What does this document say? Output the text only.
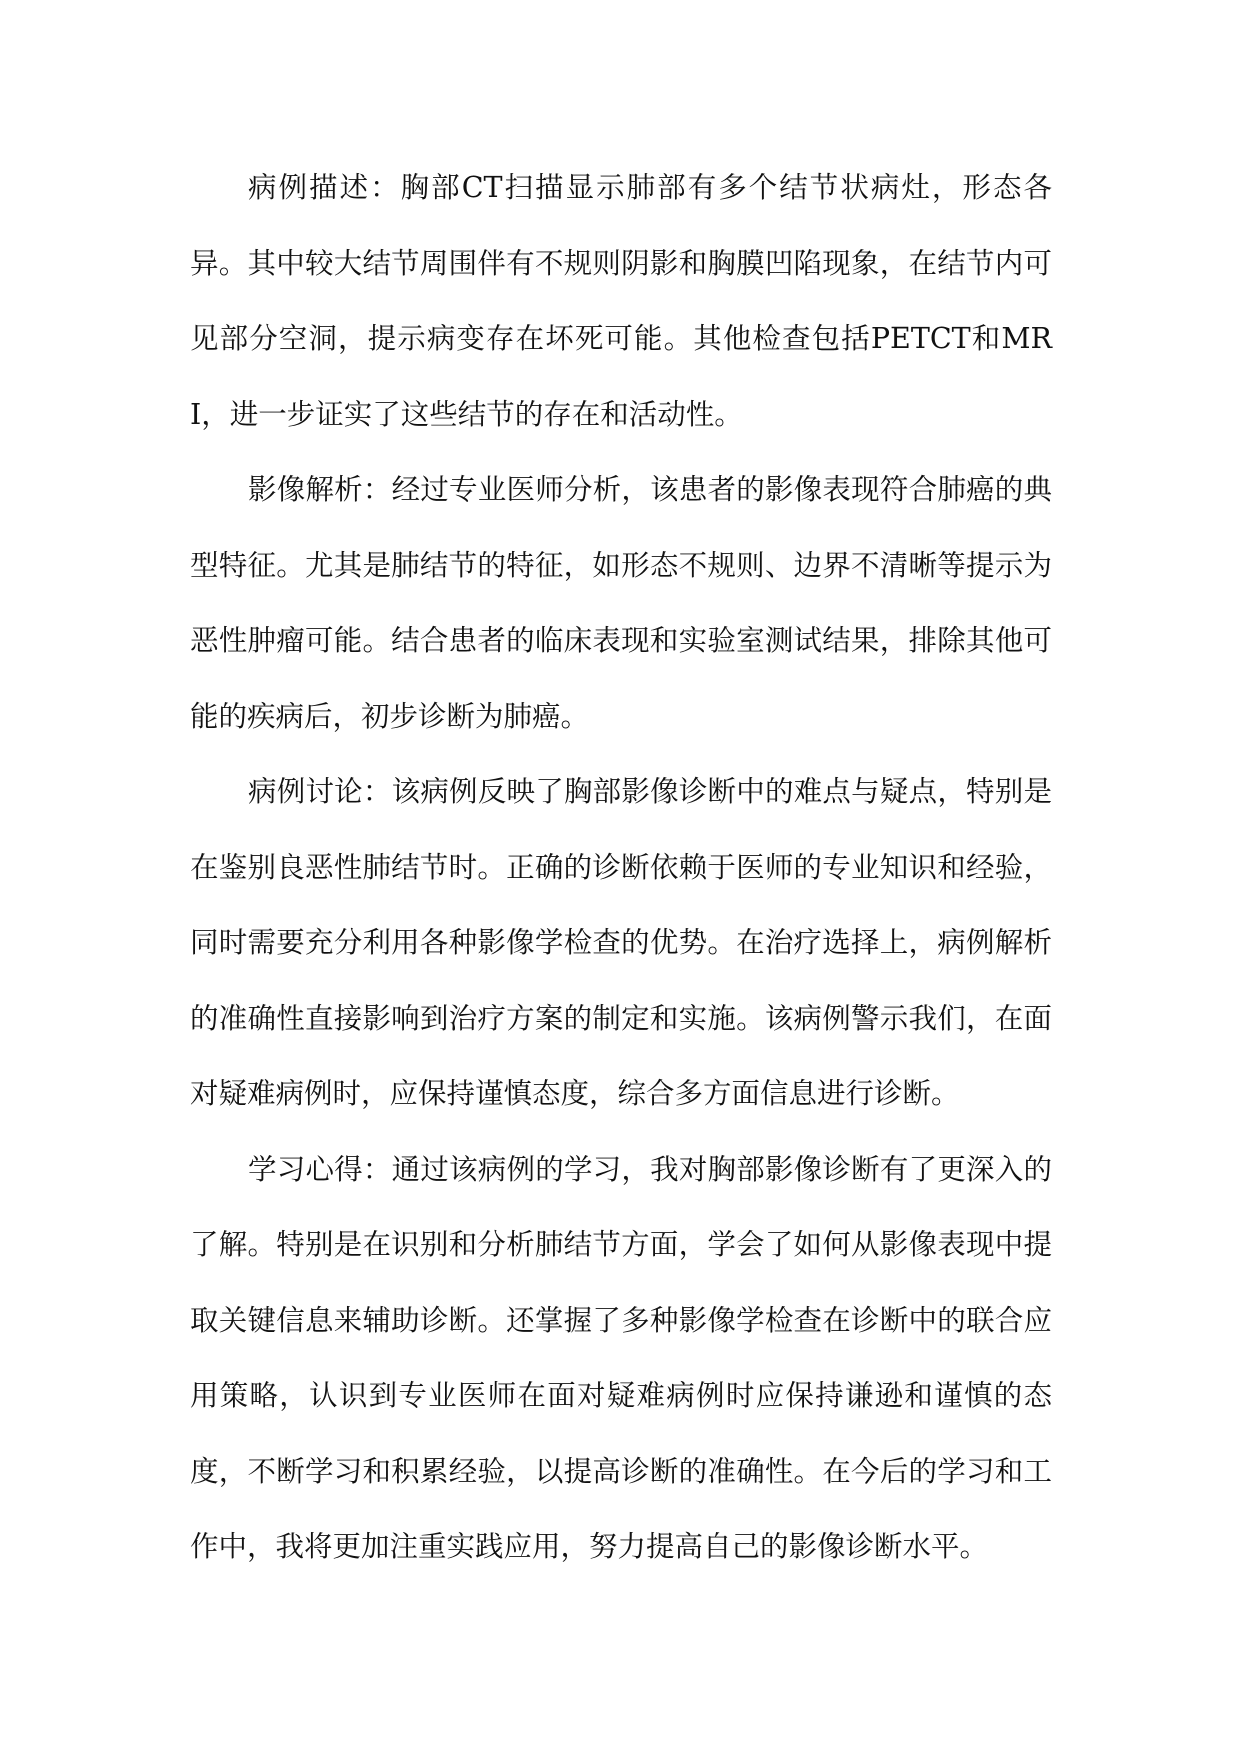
病例描述：胸部CT扫描显示肺部有多个结节状病灶，形态各异。其中较大结节周围伴有不规则阴影和胸膜凹陷现象，在结节内可见部分空洞，提示病变存在坏死可能。其他检查包括PETCT和MRI，进一步证实了这些结节的存在和活动性。

影像解析：经过专业医师分析，该患者的影像表现符合肺癌的典型特征。尤其是肺结节的特征，如形态不规则、边界不清晰等提示为恶性肿瘤可能。结合患者的临床表现和实验室测试结果，排除其他可能的疾病后，初步诊断为肺癌。

病例讨论：该病例反映了胸部影像诊断中的难点与疑点，特别是在鉴别良恶性肺结节时。正确的诊断依赖于医师的专业知识和经验，同时需要充分利用各种影像学检查的优势。在治疗选择上，病例解析的准确性直接影响到治疗方案的制定和实施。该病例警示我们，在面对疑难病例时，应保持谨慎态度，综合多方面信息进行诊断。

学习心得：通过该病例的学习，我对胸部影像诊断有了更深入的了解。特别是在识别和分析肺结节方面，学会了如何从影像表现中提取关键信息来辅助诊断。还掌握了多种影像学检查在诊断中的联合应用策略，认识到专业医师在面对疑难病例时应保持谦逊和谨慎的态度，不断学习和积累经验，以提高诊断的准确性。在今后的学习和工作中，我将更加注重实践应用，努力提高自己的影像诊断水平。
